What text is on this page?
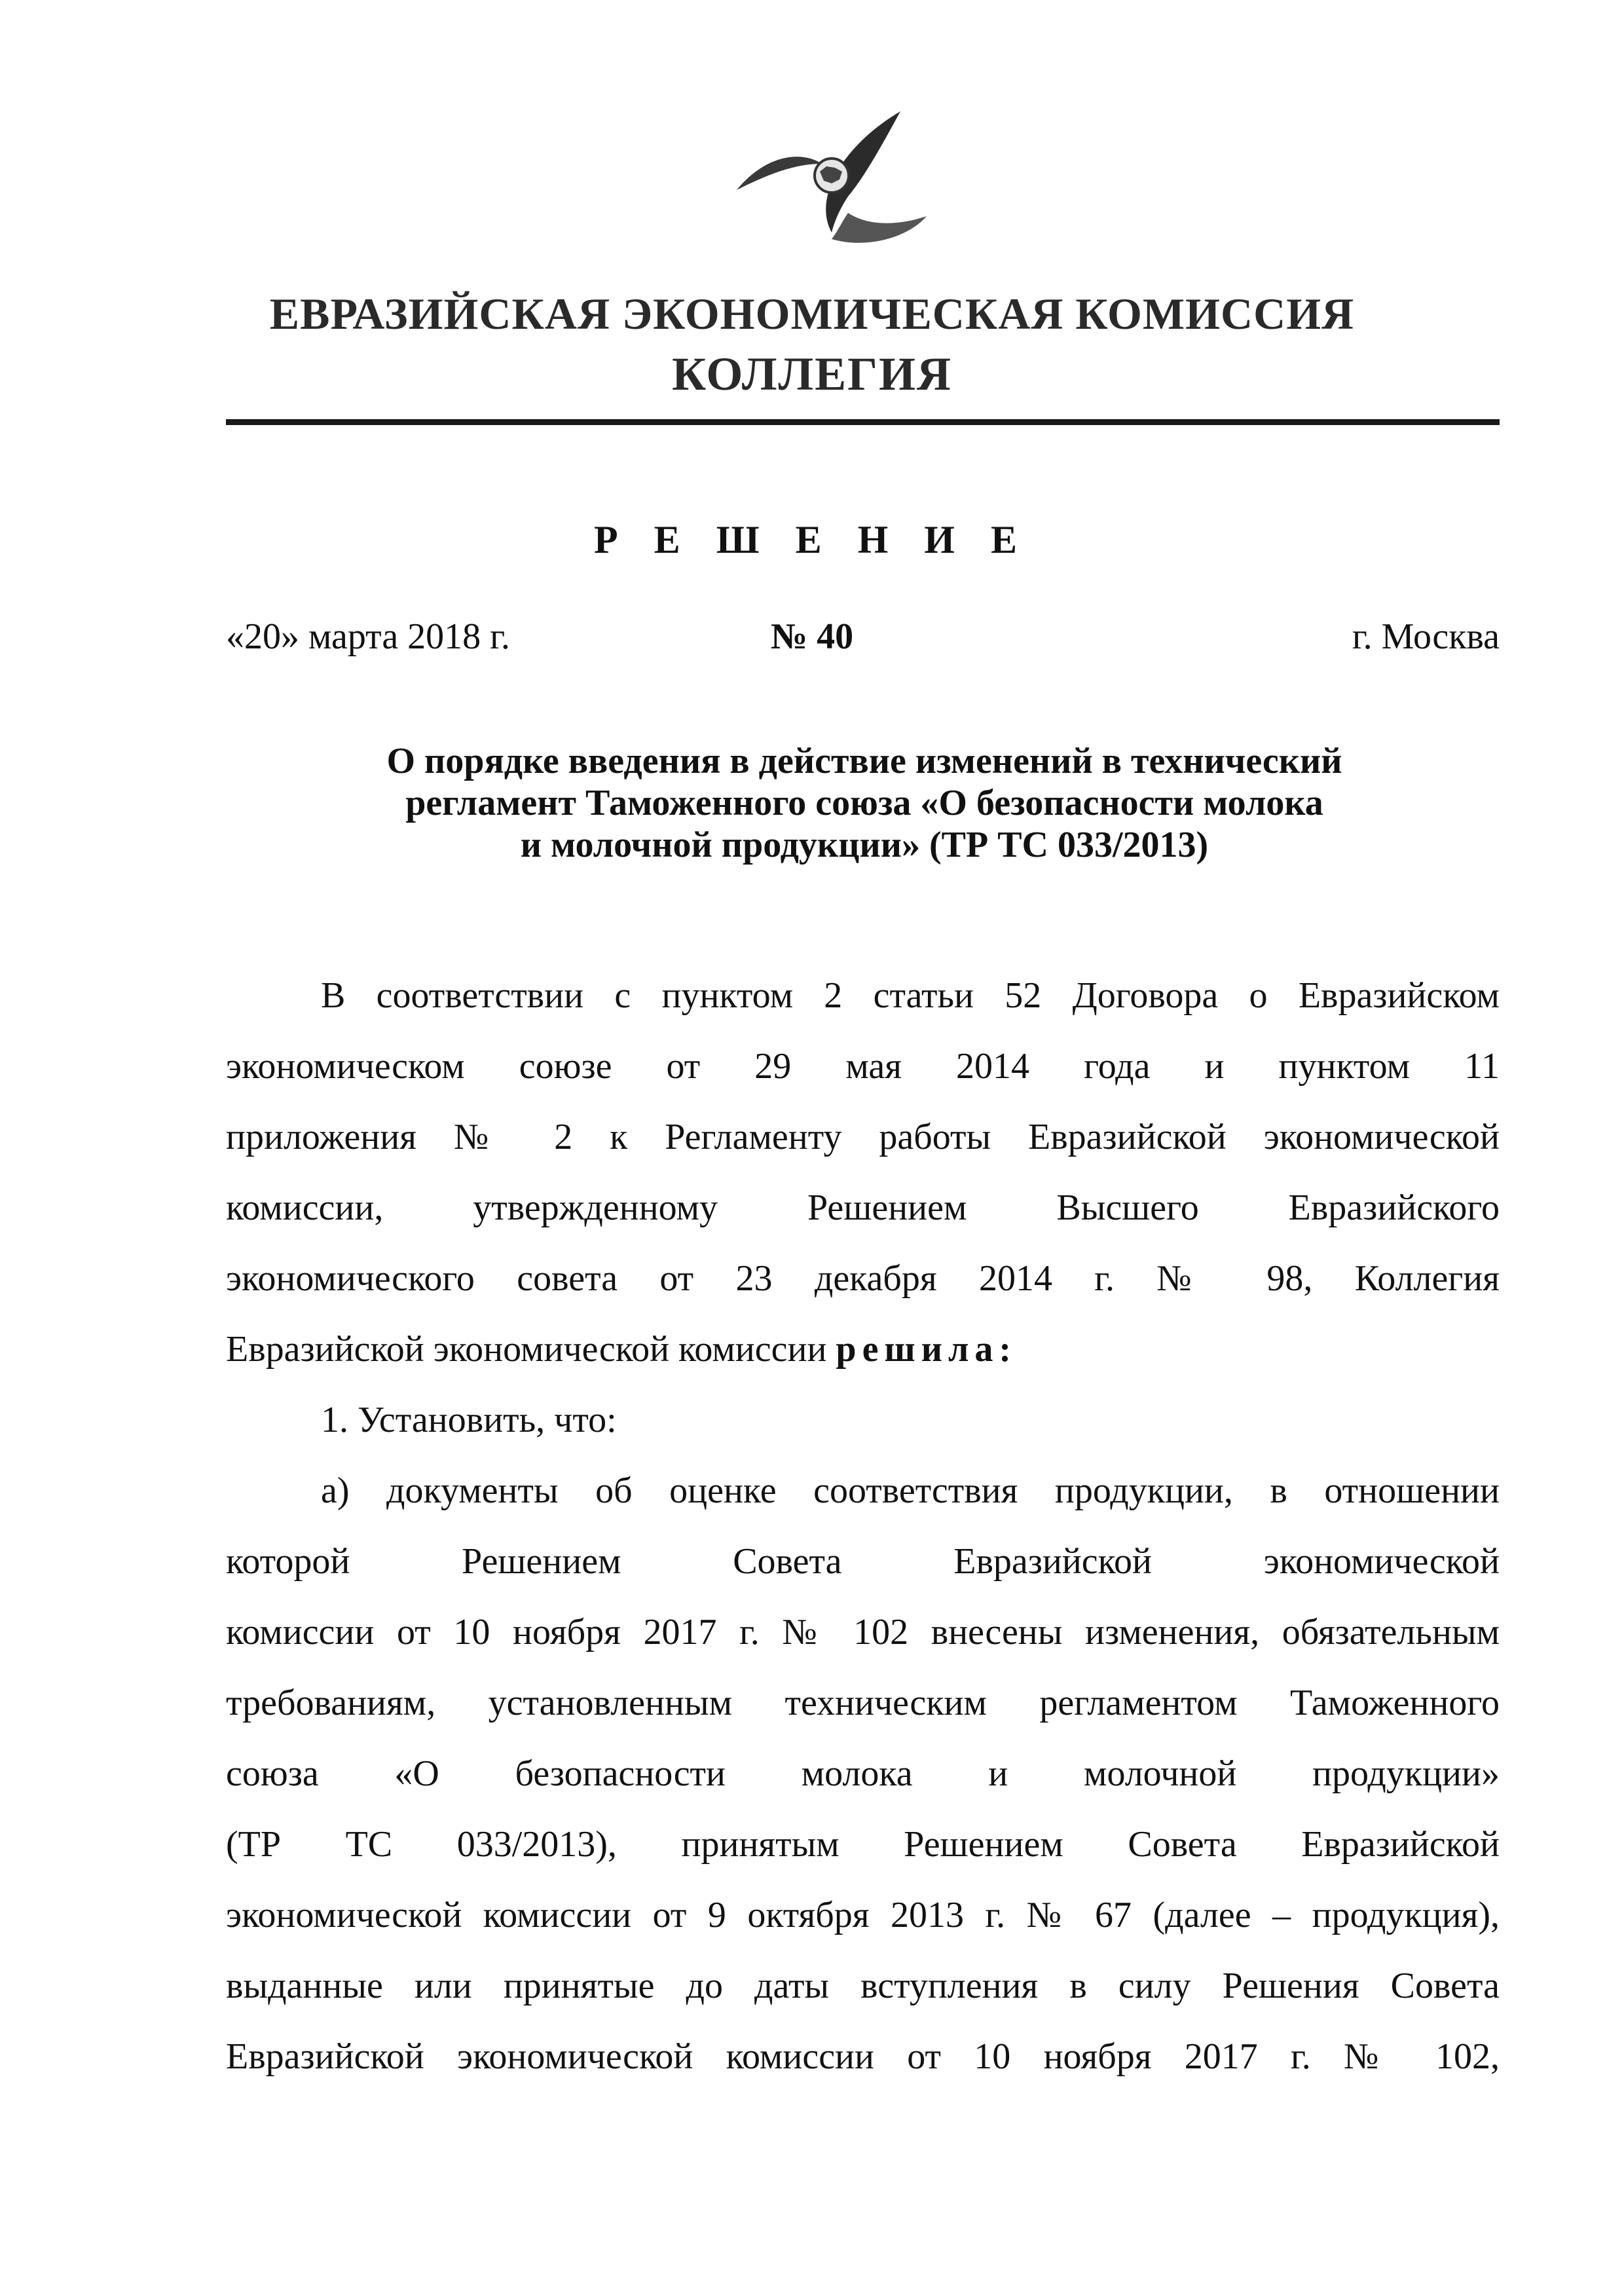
ЕВРАЗИЙСКАЯ ЭКОНОМИЧЕСКАЯ КОМИССИЯ
КОЛЛЕГИЯ
Р Е Ш Е Н И Е
«20» марта 2018 г.	№ 40	г. Москва
О порядке введения в действие изменений в технический
регламент Таможенного союза «О безопасности молока
и молочной продукции» (ТР ТС 033/2013)
В соответствии с пунктом 2 статьи 52 Договора о Евразийском
экономическом союзе от 29 мая 2014 года и пунктом 11
приложения № 2 к Регламенту работы Евразийской экономической
комиссии, утвержденному Решением Высшего Евразийского
экономического совета от 23 декабря 2014 г. № 98, Коллегия
Евразийской экономической комиссии решила:
1. Установить, что:
а) документы об оценке соответствия продукции, в отношении
которой Решением Совета Евразийской экономической
комиссии от 10 ноября 2017 г. № 102 внесены изменения, обязательным
требованиям, установленным техническим регламентом Таможенного
союза «О безопасности молока и молочной продукции»
(ТР ТС 033/2013), принятым Решением Совета Евразийской
экономической комиссии от 9 октября 2013 г. № 67 (далее – продукция),
выданные или принятые до даты вступления в силу Решения Совета
Евразийской экономической комиссии от 10 ноября 2017 г. № 102,
